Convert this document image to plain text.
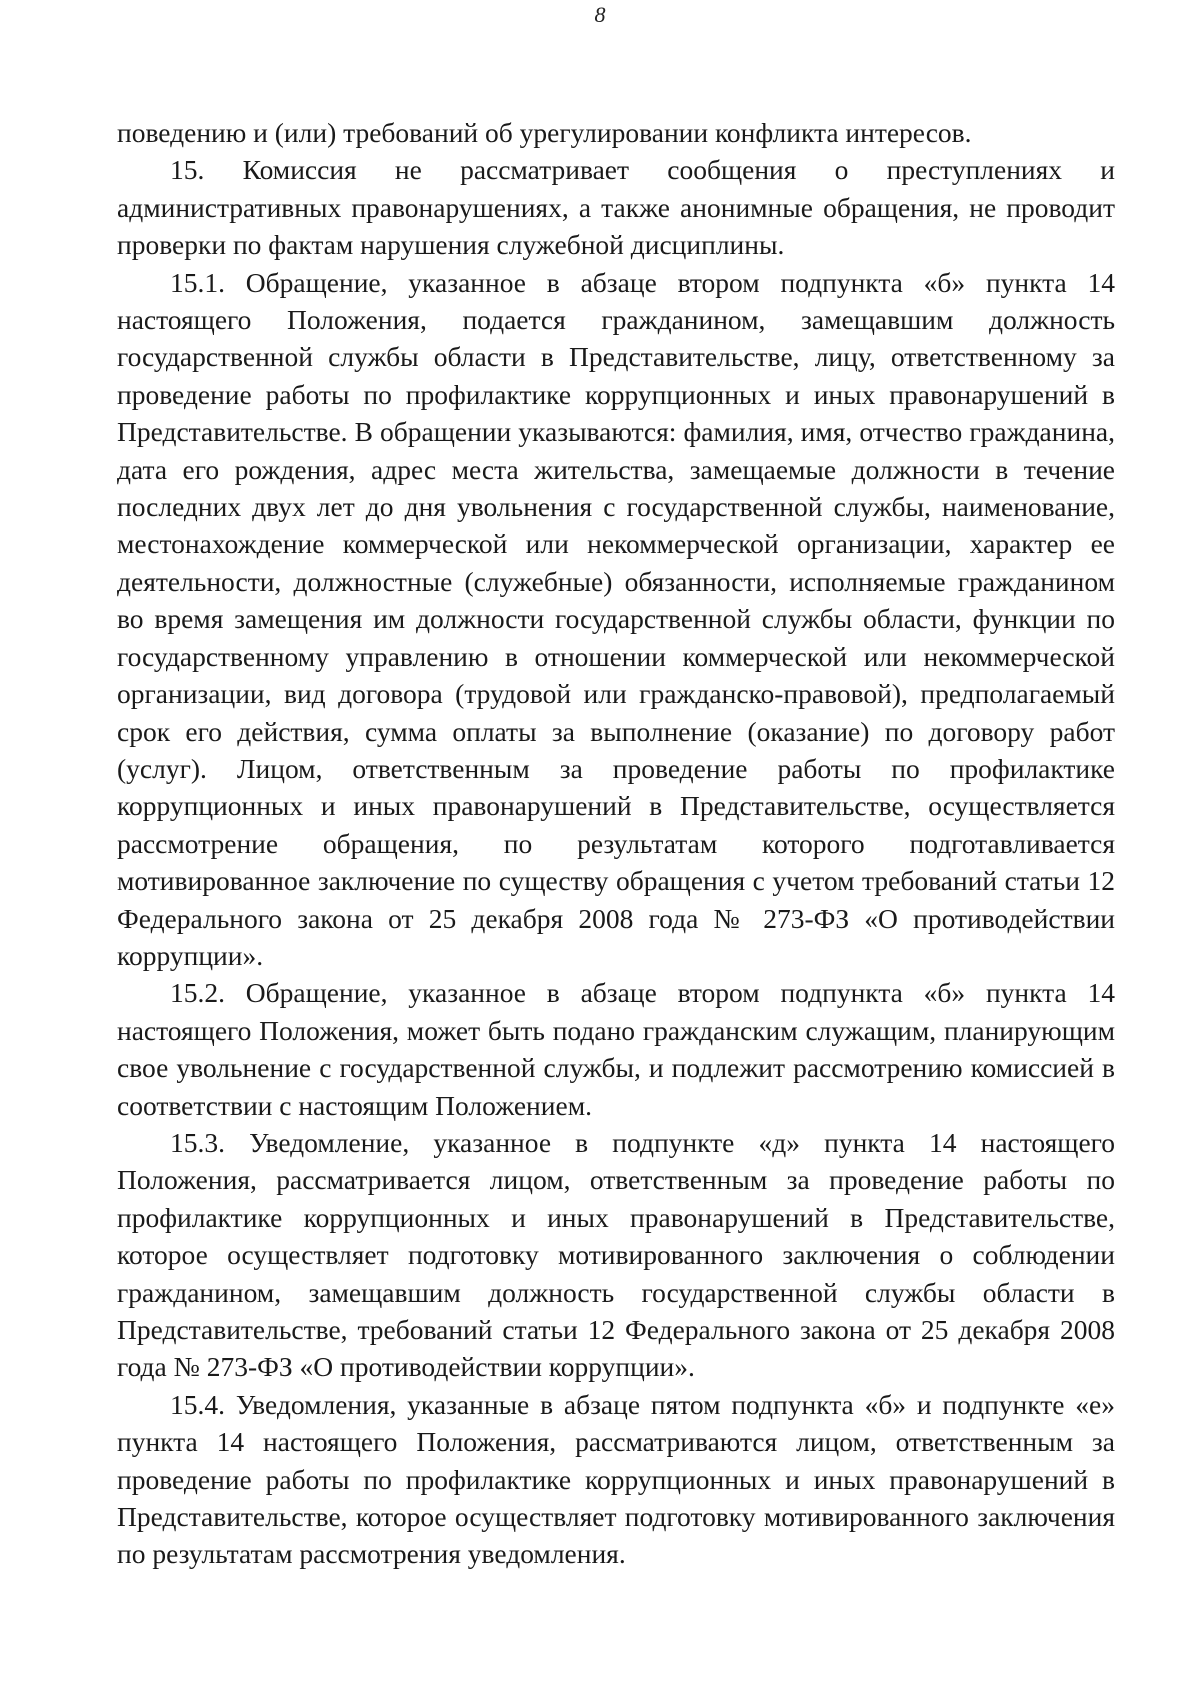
8

поведению и (или) требований об урегулировании конфликта интересов.

15. Комиссия не рассматривает сообщения о преступлениях и административных правонарушениях, а также анонимные обращения, не проводит проверки по фактам нарушения служебной дисциплины.

15.1. Обращение, указанное в абзаце втором подпункта «б» пункта 14 настоящего Положения, подается гражданином, замещавшим должность государственной службы области в Представительстве, лицу, ответственному за проведение работы по профилактике коррупционных и иных правонарушений в Представительстве. В обращении указываются: фамилия, имя, отчество гражданина, дата его рождения, адрес места жительства, замещаемые должности в течение последних двух лет до дня увольнения с государственной службы, наименование, местонахождение коммерческой или некоммерческой организации, характер ее деятельности, должностные (служебные) обязанности, исполняемые гражданином во время замещения им должности государственной службы области, функции по государственному управлению в отношении коммерческой или некоммерческой организации, вид договора (трудовой или гражданско-правовой), предполагаемый срок его действия, сумма оплаты за выполнение (оказание) по договору работ (услуг). Лицом, ответственным за проведение работы по профилактике коррупционных и иных правонарушений в Представительстве, осуществляется рассмотрение обращения, по результатам которого подготавливается мотивированное заключение по существу обращения с учетом требований статьи 12 Федерального закона от 25 декабря 2008 года № 273-ФЗ «О противодействии коррупции».

15.2. Обращение, указанное в абзаце втором подпункта «б» пункта 14 настоящего Положения, может быть подано гражданским служащим, планирующим свое увольнение с государственной службы, и подлежит рассмотрению комиссией в соответствии с настоящим Положением.

15.3. Уведомление, указанное в подпункте «д» пункта 14 настоящего Положения, рассматривается лицом, ответственным за проведение работы по профилактике коррупционных и иных правонарушений в Представительстве, которое осуществляет подготовку мотивированного заключения о соблюдении гражданином, замещавшим должность государственной службы области в Представительстве, требований статьи 12 Федерального закона от 25 декабря 2008 года № 273-ФЗ «О противодействии коррупции».

15.4. Уведомления, указанные в абзаце пятом подпункта «б» и подпункте «е» пункта 14 настоящего Положения, рассматриваются лицом, ответственным за проведение работы по профилактике коррупционных и иных правонарушений в Представительстве, которое осуществляет подготовку мотивированного заключения по результатам рассмотрения уведомления.
